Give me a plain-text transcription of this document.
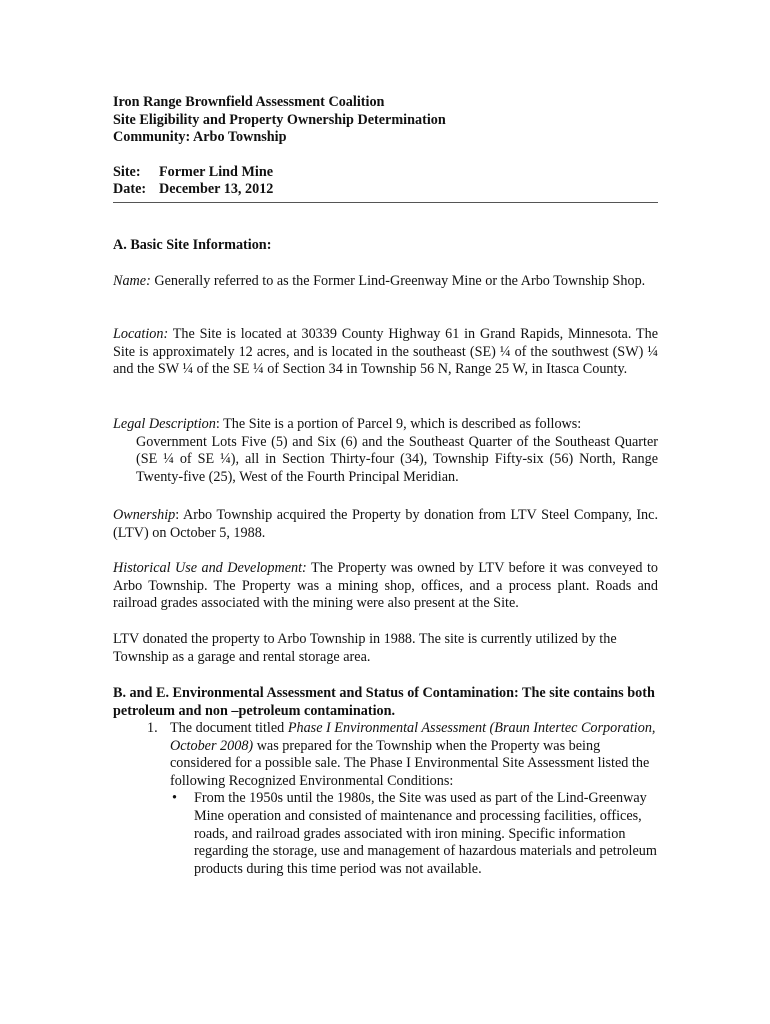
Iron Range Brownfield Assessment Coalition

Site Eligibility and Property Ownership Determination

Community: Arbo Township

Site: Former Lind Mine

Date: December 13, 2012

A. Basic Site Information:
Name: Generally referred to as the Former Lind-Greenway Mine or the Arbo Township Shop.
Location: The Site is located at 30339 County Highway 61 in Grand Rapids, Minnesota. The Site is approximately 12 acres, and is located in the southeast (SE) ¼ of the southwest (SW) ¼ and the SW ¼ of the SE ¼ of Section 34 in Township 56 N, Range 25 W, in Itasca County.

Legal Description: The Site is a portion of Parcel 9, which is described as follows:

Government Lots Five (5) and Six (6) and the Southeast Quarter of the Southeast Quarter (SE ¼ of SE ¼), all in Section Thirty-four (34), Township Fifty-six (56) North, Range Twenty-five (25), West of the Fourth Principal Meridian.

Ownership: Arbo Township acquired the Property by donation from LTV Steel Company, Inc. (LTV) on October 5, 1988.
Historical Use and Development: The Property was owned by LTV before it was conveyed to Arbo Township. The Property was a mining shop, offices, and a process plant. Roads and railroad grades associated with the mining were also present at the Site.
LTV donated the property to Arbo Township in 1988. The site is currently utilized by the Township as a garage and rental storage area.
B. and E. Environmental Assessment and Status of Contamination: The site contains both petroleum and non –petroleum contamination.
1. The document titled Phase I Environmental Assessment (Braun Intertec Corporation, October 2008) was prepared for the Township when the Property was being considered for a possible sale. The Phase I Environmental Site Assessment listed the following Recognized Environmental Conditions:
• From the 1950s until the 1980s, the Site was used as part of the Lind-Greenway Mine operation and consisted of maintenance and processing facilities, offices, roads, and railroad grades associated with iron mining. Specific information regarding the storage, use and management of hazardous materials and petroleum products during this time period was not available.
